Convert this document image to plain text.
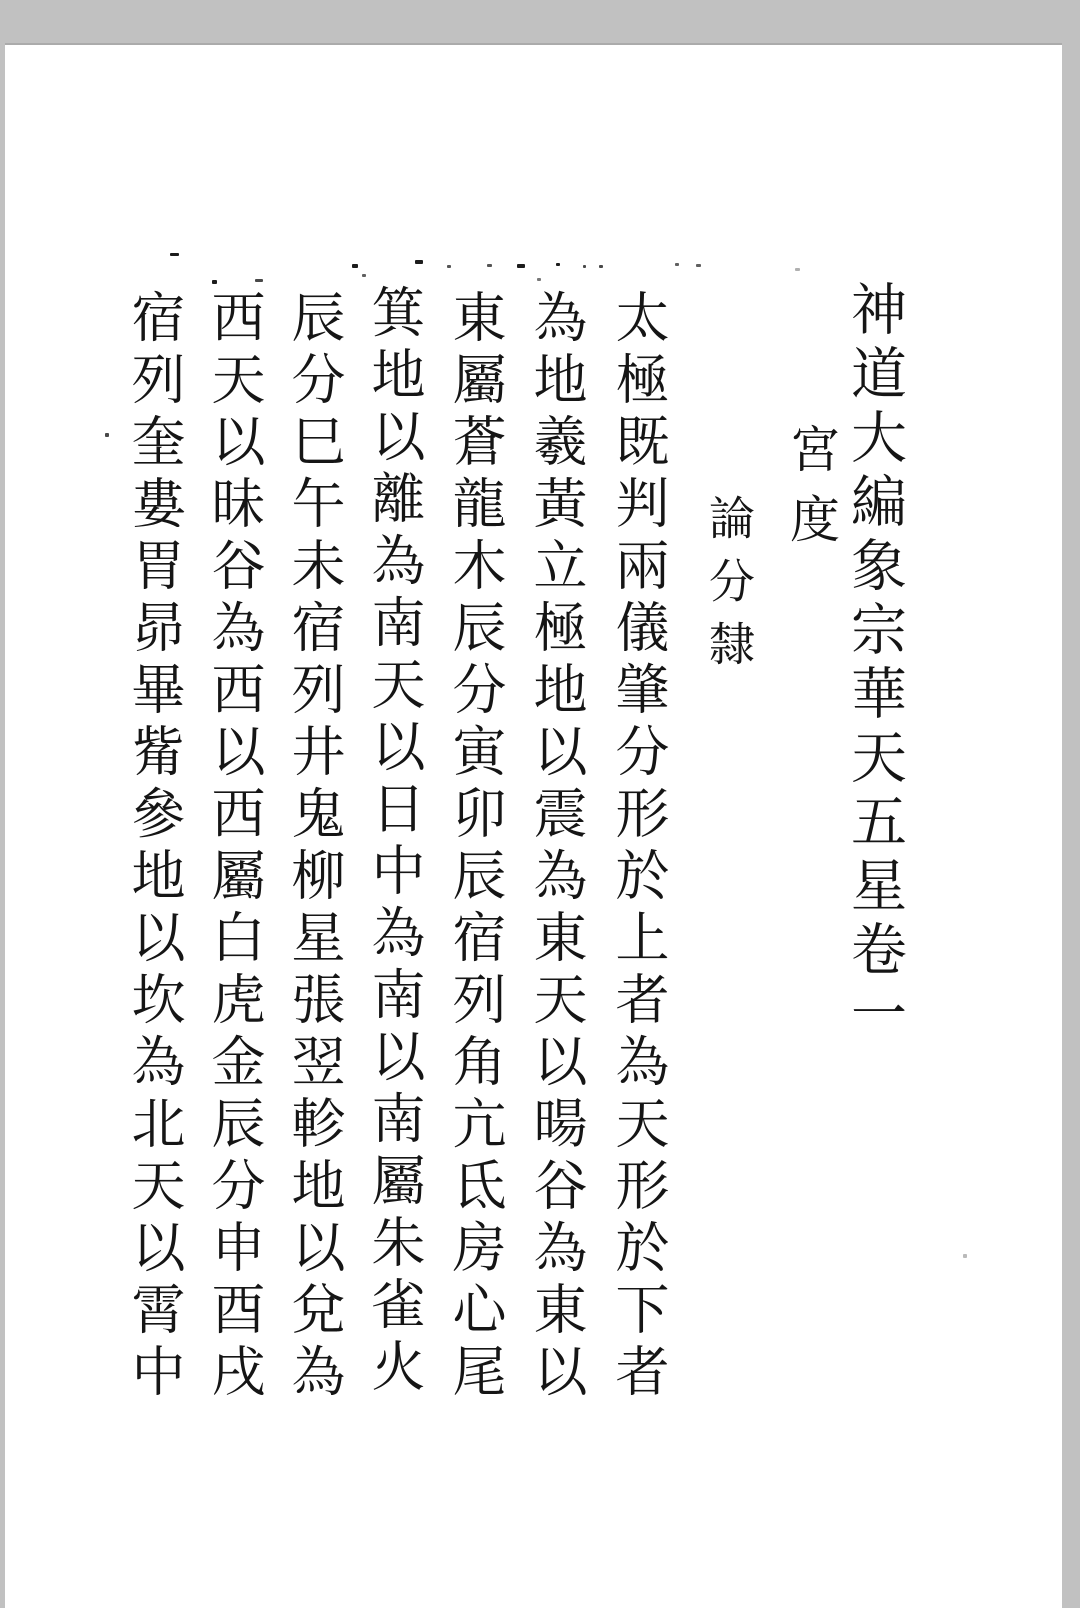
神道大編象宗華天五星卷一
宮度
論分隸
太極既判兩儀肇分形於上者為天形於下者
為地羲黃立極地以震為東天以暘谷為東以
東屬蒼龍木辰分寅卯辰宿列角亢氐房心尾
箕地以離為南天以日中為南以南屬朱雀火
辰分巳午未宿列井鬼柳星張翌軫地以兌為
西天以昧谷為西以西屬白虎金辰分申酉戌
宿列奎婁胃昴畢觜參地以坎為北天以霄中
